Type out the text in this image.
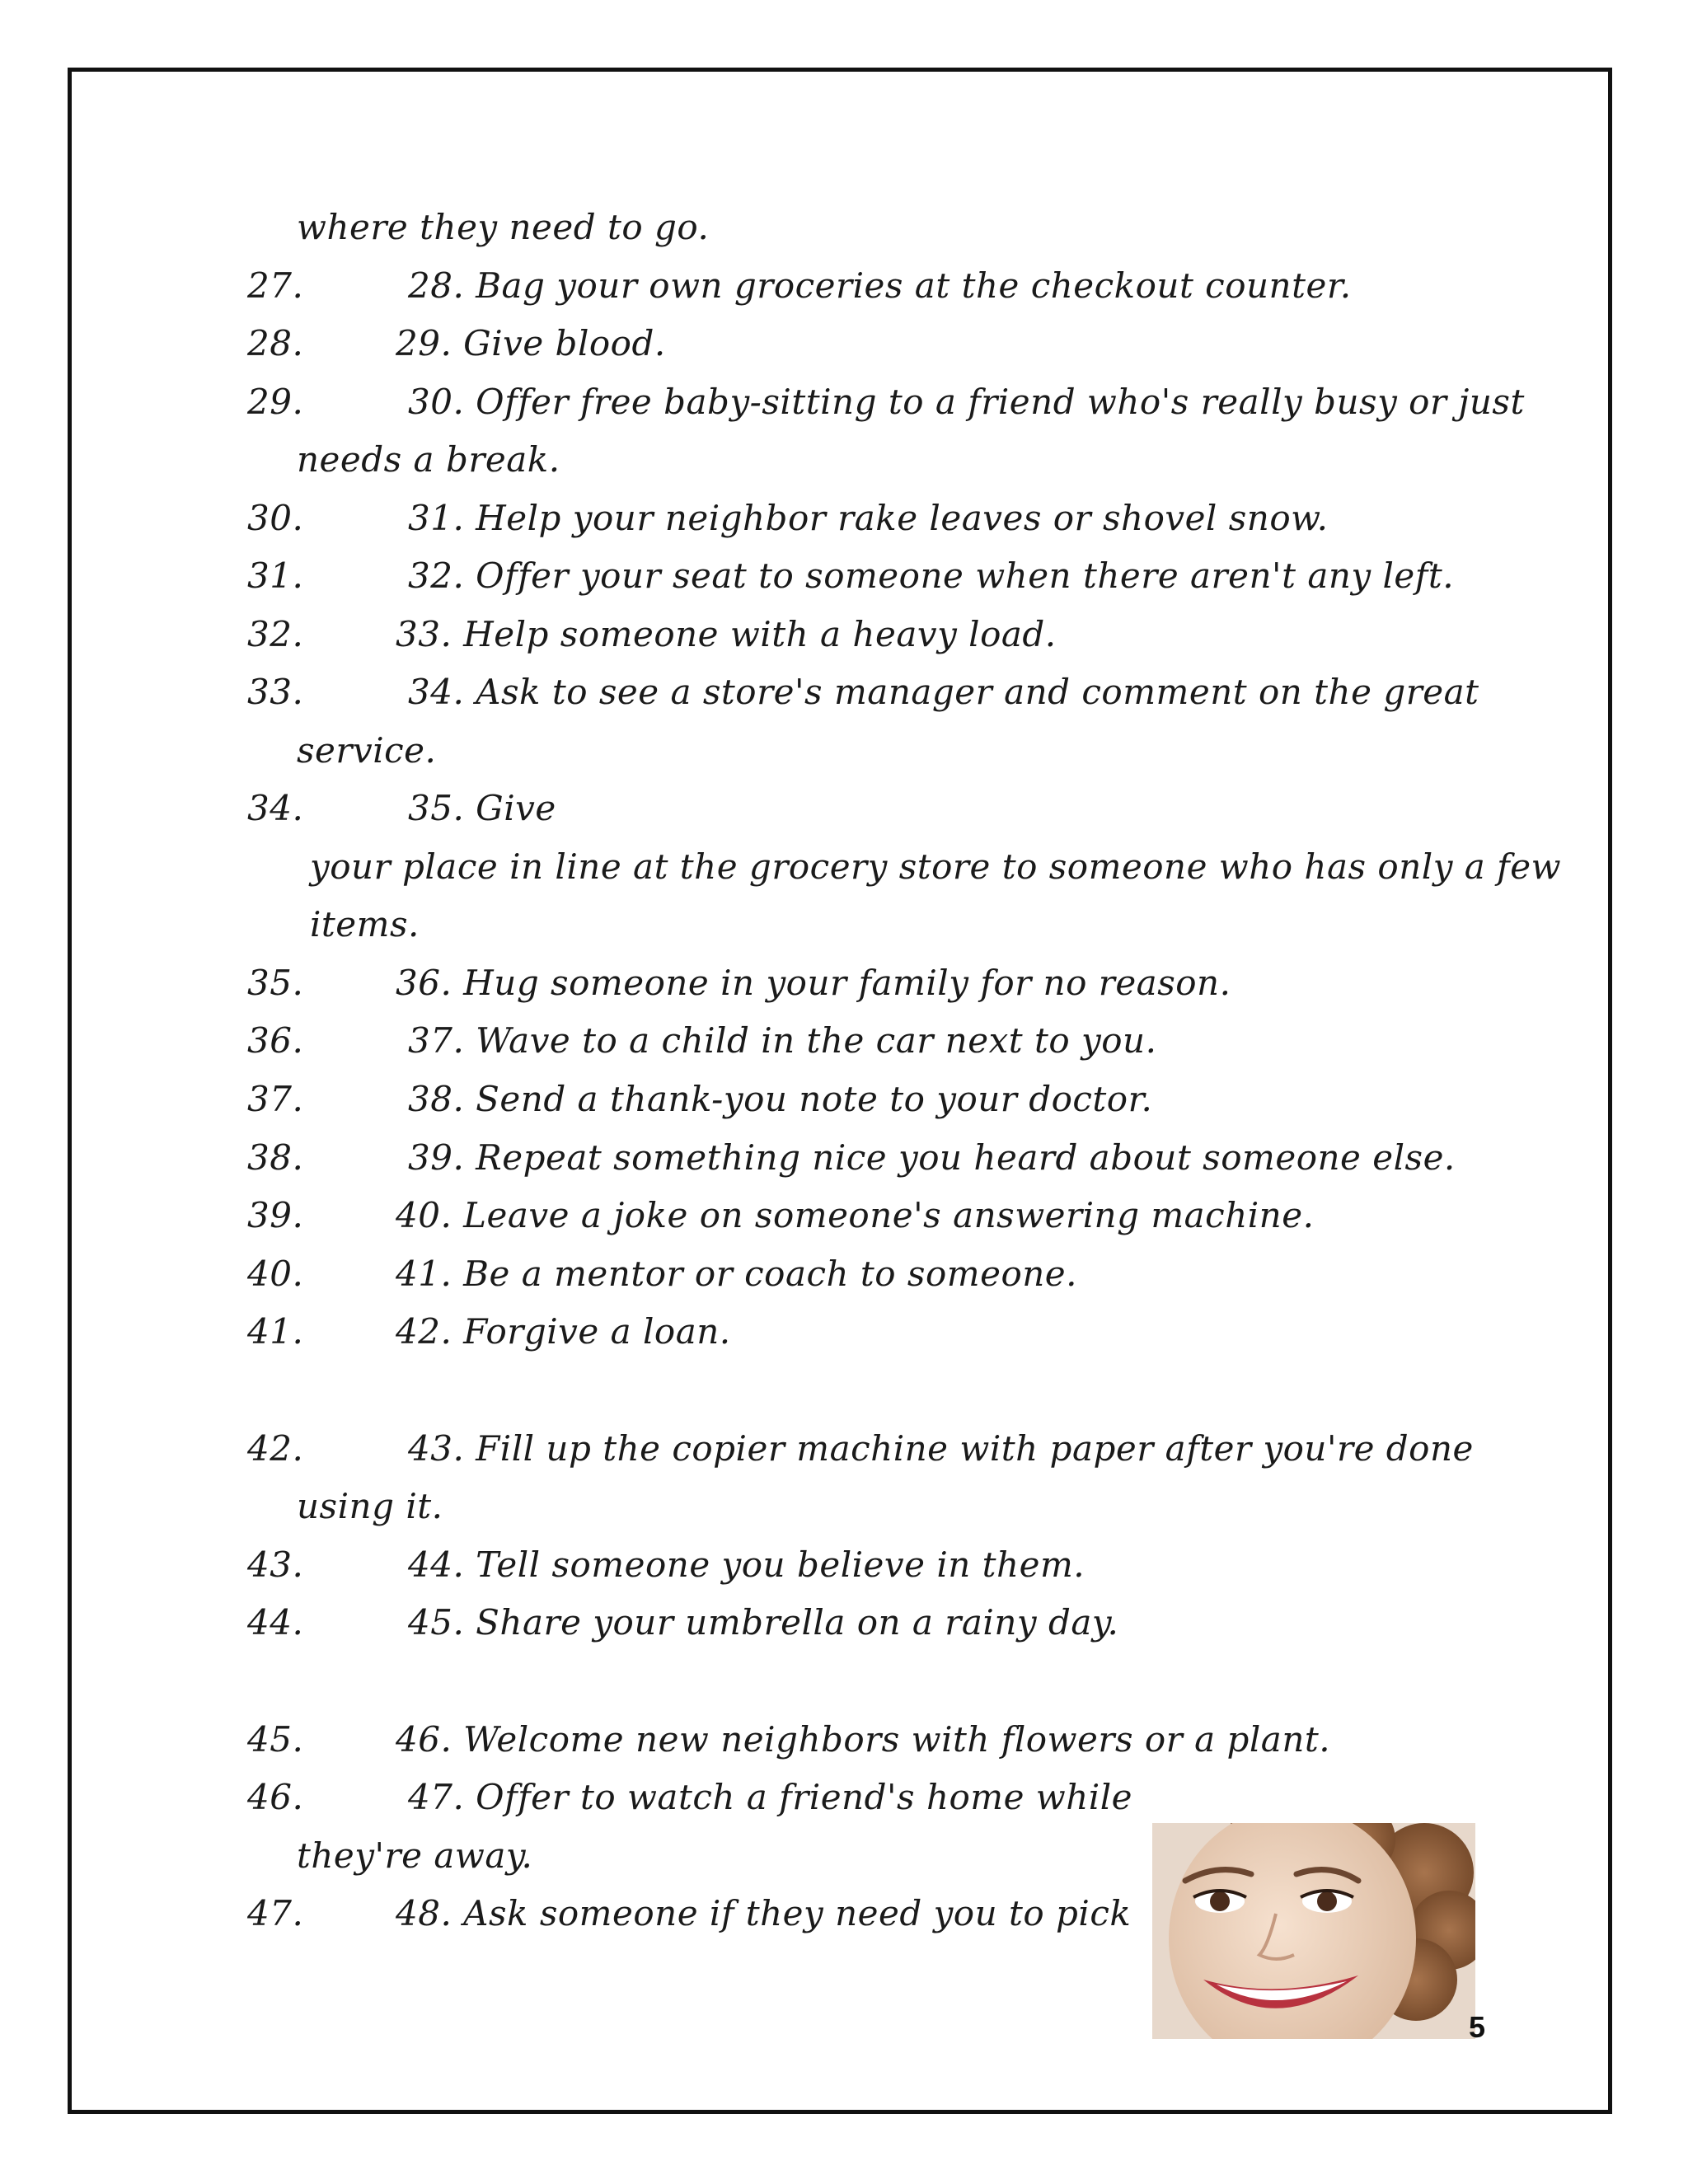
where they need to go.
27.	28. Bag your own groceries at the checkout counter.
28.	29. Give blood.
29.	30. Offer free baby-sitting to a friend who's really busy or just
needs a break.
30.	31. Help your neighbor rake leaves or shovel snow.
31.	32. Offer your seat to someone when there aren't any left.
32.	33. Help someone with a heavy load.
33.	34. Ask to see a store's manager and comment on the great
service.
34.	35. Give
your place in line at the grocery store to someone who has only a few
items.
35.	36. Hug someone in your family for no reason.
36.	37. Wave to a child in the car next to you.
37.	38. Send a thank-you note to your doctor.
38.	39. Repeat something nice you heard about someone else.
39.	40. Leave a joke on someone's answering machine.
40.	41. Be a mentor or coach to someone.
41.	42. Forgive a loan.
42.	43. Fill up the copier machine with paper after you're done
using it.
43.	44. Tell someone you believe in them.
44.	45. Share your umbrella on a rainy day.
45.	46. Welcome new neighbors with flowers or a plant.
46.	47. Offer to watch a friend's home while
they're away.
47.	48. Ask someone if they need you to pick
5
